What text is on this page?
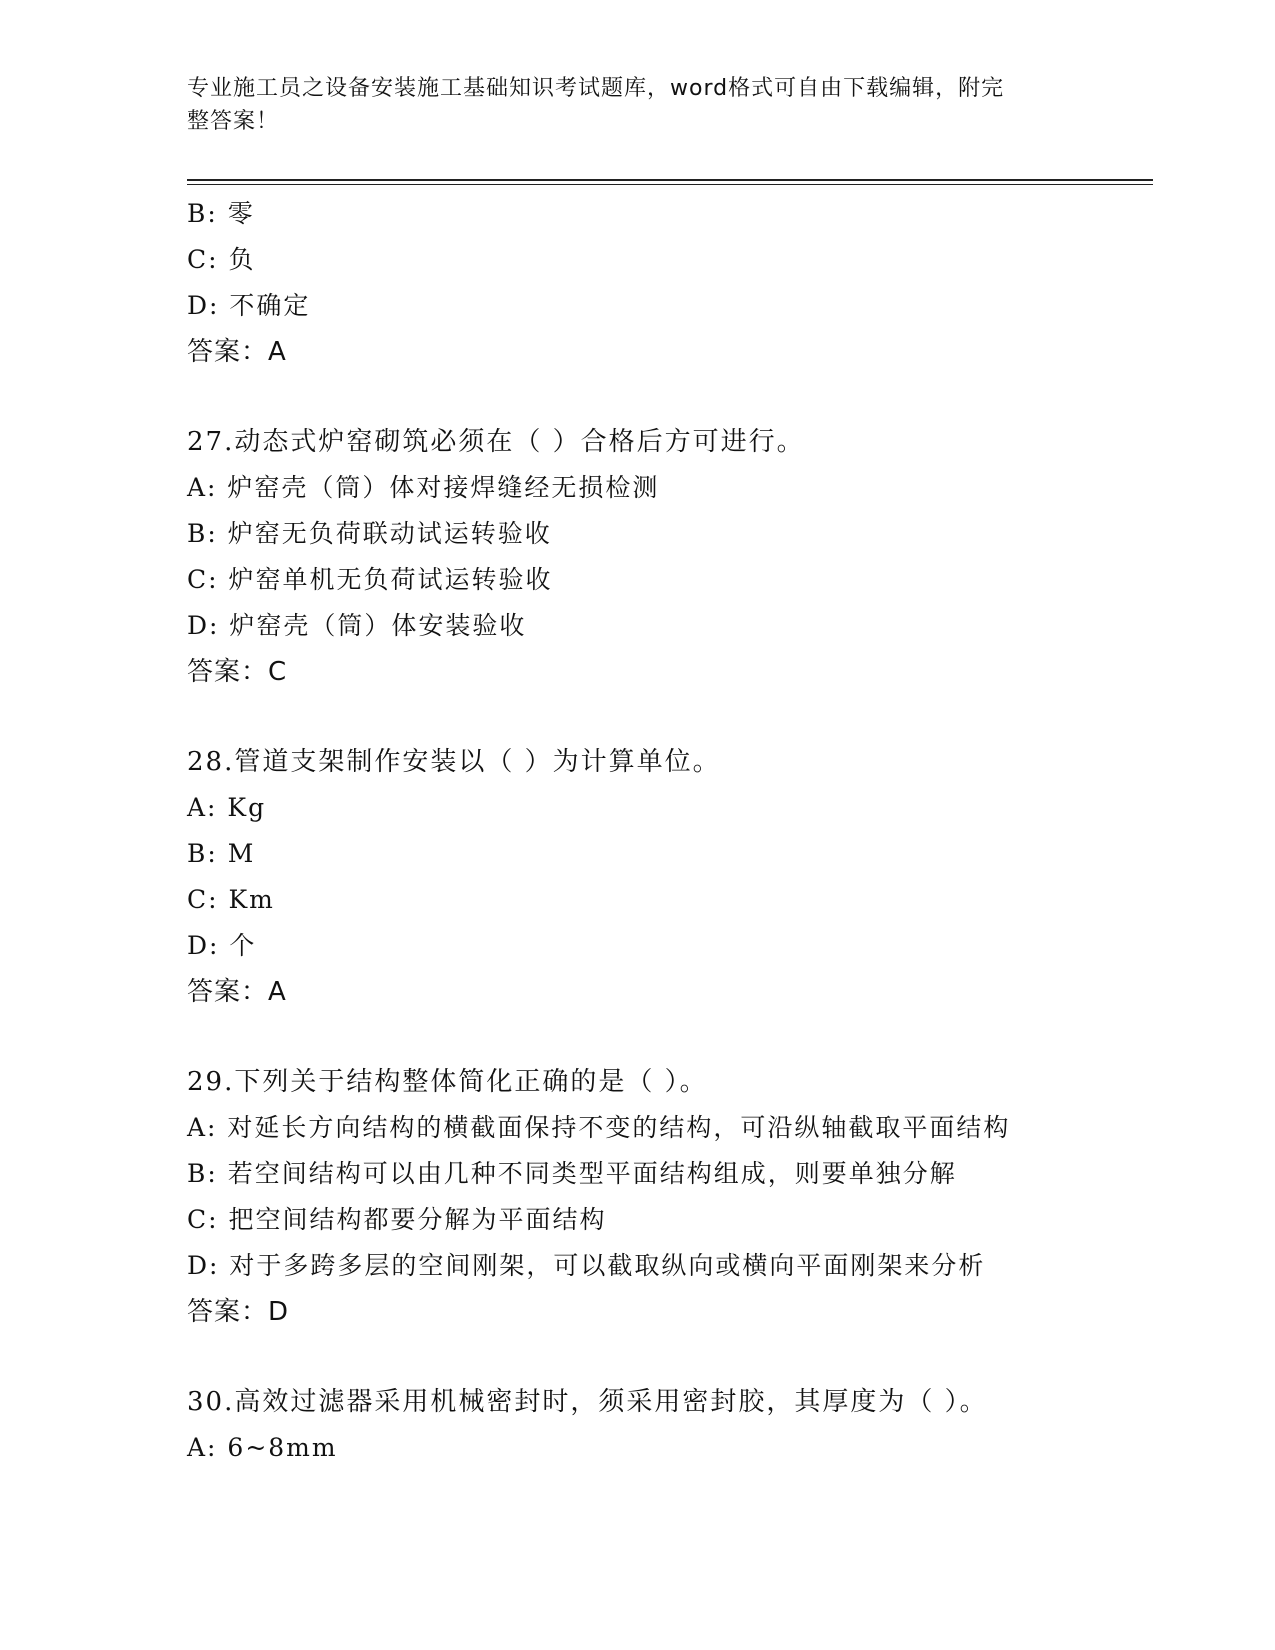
专业施工员之设备安装施工基础知识考试题库，word格式可自由下载编辑，附完
整答案！
B: 零
C: 负
D: 不确定
答案：A
27.动态式炉窑砌筑必须在（ ）合格后方可进行。
A: 炉窑壳（筒）体对接焊缝经无损检测
B: 炉窑无负荷联动试运转验收
C: 炉窑单机无负荷试运转验收
D: 炉窑壳（筒）体安装验收
答案：C
28.管道支架制作安装以（ ）为计算单位。
A: Kg
B: M
C: Km
D: 个
答案：A
29.下列关于结构整体简化正确的是（ ）。
A: 对延长方向结构的横截面保持不变的结构，可沿纵轴截取平面结构
B: 若空间结构可以由几种不同类型平面结构组成，则要单独分解
C: 把空间结构都要分解为平面结构
D: 对于多跨多层的空间刚架，可以截取纵向或横向平面刚架来分析
答案：D
30.高效过滤器采用机械密封时，须采用密封胶，其厚度为（ ）。
A: 6~8mm
